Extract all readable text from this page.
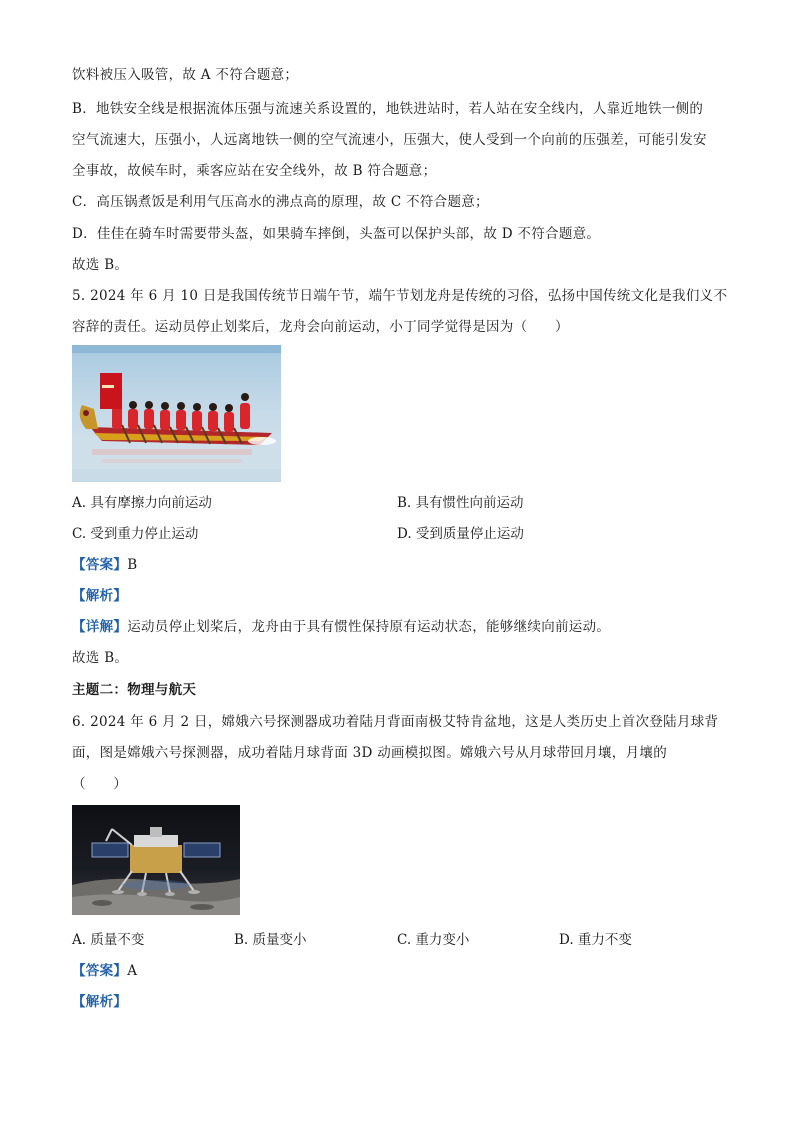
饮料被压入吸管，故 A 不符合题意；
B．地铁安全线是根据流体压强与流速关系设置的，地铁进站时，若人站在安全线内，人靠近地铁一侧的
空气流速大，压强小，人远离地铁一侧的空气流速小，压强大，使人受到一个向前的压强差，可能引发安
全事故，故候车时，乘客应站在安全线外，故 B 符合题意；
C．高压锅煮饭是利用气压高水的沸点高的原理，故 C 不符合题意；
D．佳佳在骑车时需要带头盔，如果骑车摔倒，头盔可以保护头部，故 D 不符合题意。
故选 B。
5. 2024 年 6 月 10 日是我国传统节日端午节，端午节划龙舟是传统的习俗，弘扬中国传统文化是我们义不
容辞的责任。运动员停止划桨后，龙舟会向前运动，小丁同学觉得是因为（　　）
A. 具有摩擦力向前运动	B. 具有惯性向前运动
C. 受到重力停止运动	D. 受到质量停止运动
【答案】B
【解析】
【详解】运动员停止划桨后，龙舟由于具有惯性保持原有运动状态，能够继续向前运动。
故选 B。
主题二：物理与航天
6. 2024 年 6 月 2 日，嫦娥六号探测器成功着陆月背面南极艾特肯盆地，这是人类历史上首次登陆月球背
面，图是嫦娥六号探测器，成功着陆月球背面 3D 动画模拟图。嫦娥六号从月球带回月壤，月壤的
（　　）
A. 质量不变	B. 质量变小	C. 重力变小	D. 重力不变
【答案】A
【解析】
